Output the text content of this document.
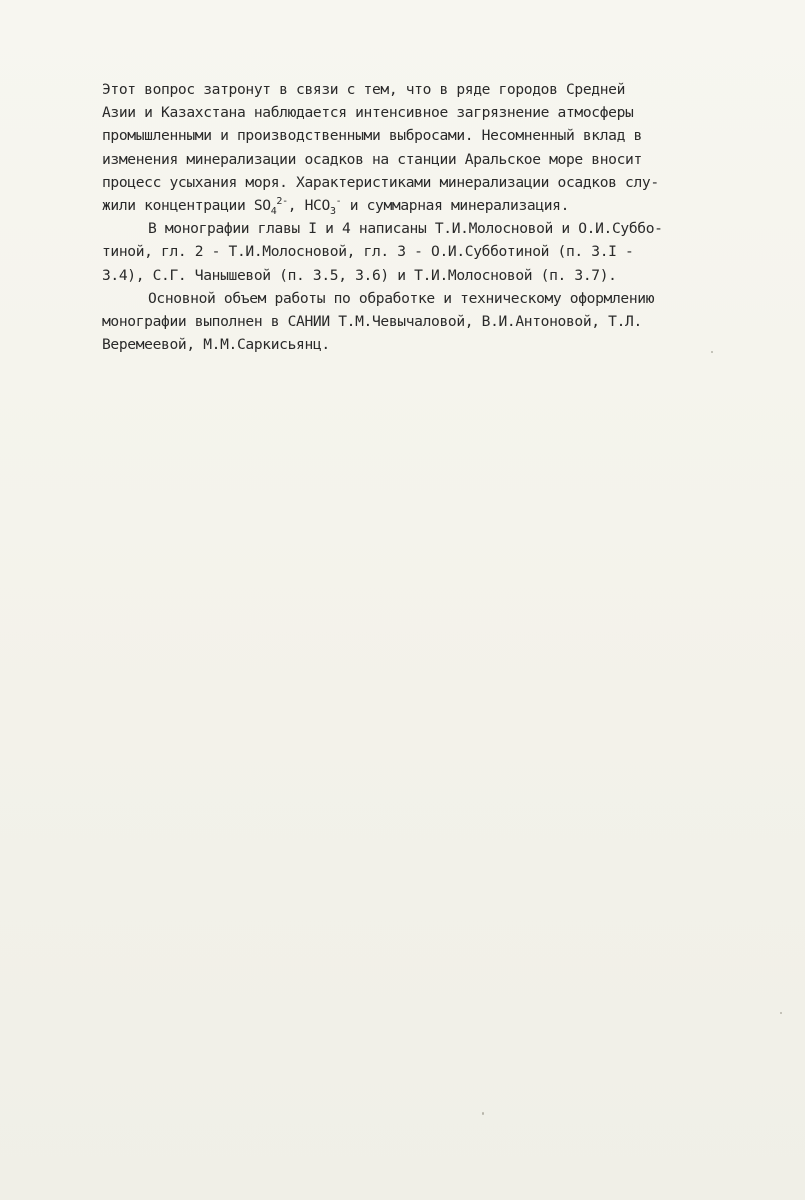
Этот вопрос затронут в связи с тем, что в ряде городов Средней
Азии и Казахстана наблюдается интенсивное загрязнение атмосферы
промышленными и производственными выбросами. Несомненный вклад в
изменения минерализации осадков на станции Аральское море вносит
процесс усыхания моря. Характеристиками минерализации осадков слу-
жили концентрации $SO_4^{2-}$, $HCO_3^-$ и суммарная минерализация.
В монографии главы I и 4 написаны Т.И.Молосновой и О.И.Суббо-
тиной, гл. 2 - Т.И.Молосновой, гл. 3 - О.И.Субботиной (п. 3.I -
3.4), С.Г. Чанышевой (п. 3.5, 3.6) и Т.И.Молосновой (п. 3.7).
Основной объем работы по обработке и техническому оформлению
монографии выполнен в САНИИ Т.М.Чевычаловой, В.И.Антоновой, Т.Л.
Веремеевой, М.М.Саркисьянц.
